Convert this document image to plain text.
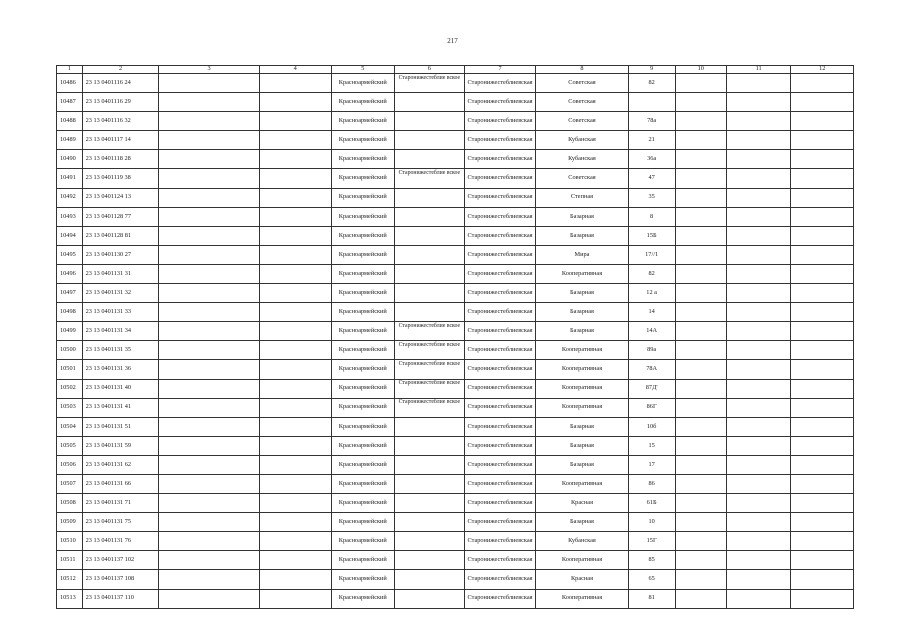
217
1	2	3	4	5	6	7	8	9	10	11	12
10486	23 13 0401116 24			Красноармейский	Старонижестеблие вское	Старонижестеблиевская	Советская	82			
10487	23 13 0401116 29			Красноармейский		Старонижестеблиевская	Советская				
10488	23 13 0401116 32			Красноармейский		Старонижестеблиевская	Советская	78а			
10489	23 13 0401117 14			Красноармейский		Старонижестеблиевская	Кубанская	21			
10490	23 13 0401118 28			Красноармейский		Старонижестеблиевская	Кубанская	36а			
10491	23 13 0401119 38			Красноармейский	Старонижестеблие вское	Старонижестеблиевская	Советская	47			
10492	23 13 0401124 13			Красноармейский		Старонижестеблиевская	Степная	35			
10493	23 13 0401128 77			Красноармейский		Старонижестеблиевская	Базарная	8			
10494	23 13 0401128 81			Красноармейский		Старонижестеблиевская	Базарная	15Б			
10495	23 13 0401130 27			Красноармейский		Старонижестеблиевская	Мира	17//1			
10496	23 13 0401131 31			Красноармейский		Старонижестеблиевская	Кооперативная	82			
10497	23 13 0401131 32			Красноармейский		Старонижестеблиевская	Базарная	12 а			
10498	23 13 0401131 33			Красноармейский		Старонижестеблиевская	Базарная	14			
10499	23 13 0401131 34			Красноармейский	Старонижестеблие вское	Старонижестеблиевская	Базарная	14А			
10500	23 13 0401131 35			Красноармейский	Старонижестеблие вское	Старонижестеблиевская	Кооперативная	89а			
10501	23 13 0401131 36			Красноармейский	Старонижестеблие вское	Старонижестеблиевская	Кооперативная	78А			
10502	23 13 0401131 40			Красноармейский	Старонижестеблие вское	Старонижестеблиевская	Кооперативная	87Д'			
10503	23 13 0401131 41			Красноармейский	Старонижестеблие вское	Старонижестеблиевская	Кооперативная	86Г			
10504	23 13 0401131 51			Красноармейский		Старонижестеблиевская	Базарная	10б			
10505	23 13 0401131 59			Красноармейский		Старонижестеблиевская	Базарная	15			
10506	23 13 0401131 62			Красноармейский		Старонижестеблиевская	Базарная	17			
10507	23 13 0401131 66			Красноармейский		Старонижестеблиевская	Кооперативная	86			
10508	23 13 0401131 71			Красноармейский		Старонижестеблиевская	Красная	61Б			
10509	23 13 0401131 75			Красноармейский		Старонижестеблиевская	Базарная	10			
10510	23 13 0401131 76			Красноармейский		Старонижестеблиевская	Кубанская	15Г			
10511	23 13 0401137 102			Красноармейский		Старонижестеблиевская	Кооперативная	85			
10512	23 13 0401137 108			Красноармейский		Старонижестеблиевская	Красная	65			
10513	23 13 0401137 110			Красноармейский		Старонижестеблиевская	Кооперативная	81			
